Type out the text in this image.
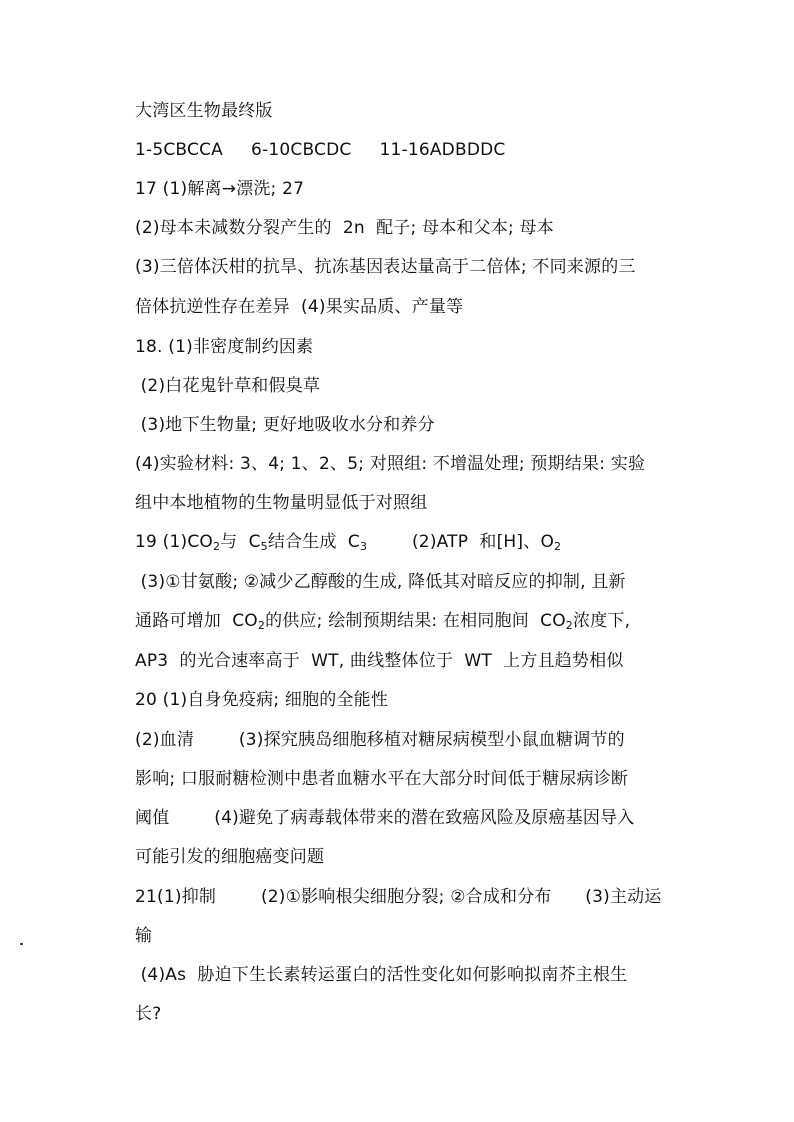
大湾区生物最终版
1-5CBCCA     6-10CBCDC     11-16ADBDDC
17 (1)解离→漂洗; 27
(2)母本未减数分裂产生的  2n  配子; 母本和父本; 母本
(3)三倍体沃柑的抗旱、抗冻基因表达量高于二倍体; 不同来源的三
倍体抗逆性存在差异  (4)果实品质、产量等
18. (1)非密度制约因素
(2)白花鬼针草和假臭草
(3)地下生物量; 更好地吸收水分和养分
(4)实验材料: 3、4; 1、2、5; 对照组: 不增温处理; 预期结果: 实验
组中本地植物的生物量明显低于对照组
19 $(1)CO_2$与  $C_5$结合生成  $C_3$        (2)ATP  和[H]、$O_2$
(3)①甘氨酸; ②减少乙醇酸的生成, 降低其对暗反应的抑制, 且新
通路可增加  $CO_2$的供应; 绘制预期结果: 在相同胞间  $CO_2$浓度下,
AP3  的光合速率高于  WT, 曲线整体位于  WT  上方且趋势相似
20 (1)自身免疫病; 细胞的全能性
(2)血清        (3)探究胰岛细胞移植对糖尿病模型小鼠血糖调节的
影响; 口服耐糖检测中患者血糖水平在大部分时间低于糖尿病诊断
阈值        (4)避免了病毒载体带来的潜在致癌风险及原癌基因导入
可能引发的细胞癌变问题
21(1)抑制        (2)①影响根尖细胞分裂; ②合成和分布      (3)主动运
输
(4)As  胁迫下生长素转运蛋白的活性变化如何影响拟南芥主根生
长?
